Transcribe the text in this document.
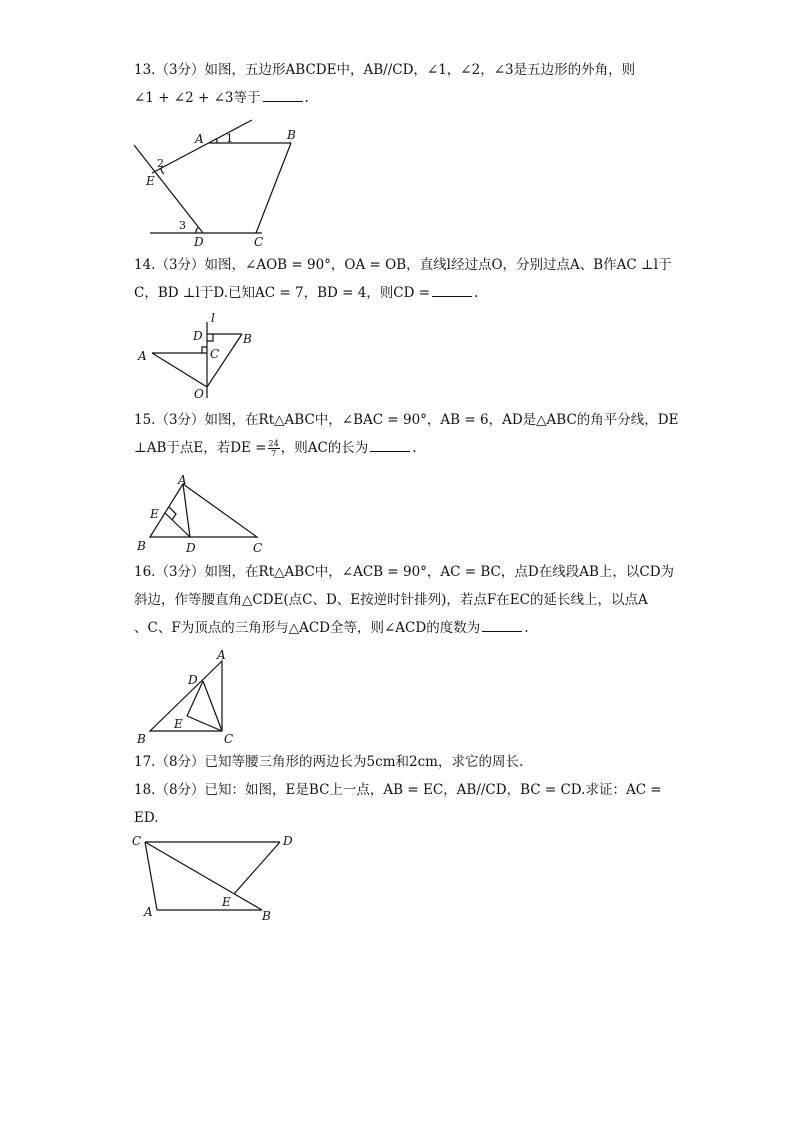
13.（3分）如图，五边形ABCDE中，AB//CD，∠1，∠2，∠3是五边形的外角，则
∠1 + ∠2 + ∠3等于	.
A	B
C
D
E
1
2
3
14.（3分）如图，∠AOB = 90°，OA = OB，直线l经过点O，分别过点A、B作AC ⊥l于
C，BD ⊥l于D.已知AC = 7，BD = 4，则CD =	.
l
A
B
C
D
O
15.（3分）如图，在Rt△ABC中，∠BAC = 90°，AB = 6，AD是△ABC的角平分线，DE
⊥AB于点E，若DE = $\frac{24}{7}$ ，则AC的长为	.
A
B	C
D
E
16.（3分）如图，在Rt△ABC中，∠ACB = 90°，AC = BC，点D在线段AB上，以CD为
斜边，作等腰直角△CDE(点C、D、E按逆时针排列)，若点F在EC的延长线上，以点A
、C、F为顶点的三角形与△ACD全等，则∠ACD的度数为	.
A
B	C
D
E
17.（8分）已知等腰三角形的两边长为5cm和2cm，求它的周长.
18.（8分）已知：如图，E是BC上一点，AB = EC，AB//CD，BC = CD.求证：AC =
ED.
C	D
A	B
E
